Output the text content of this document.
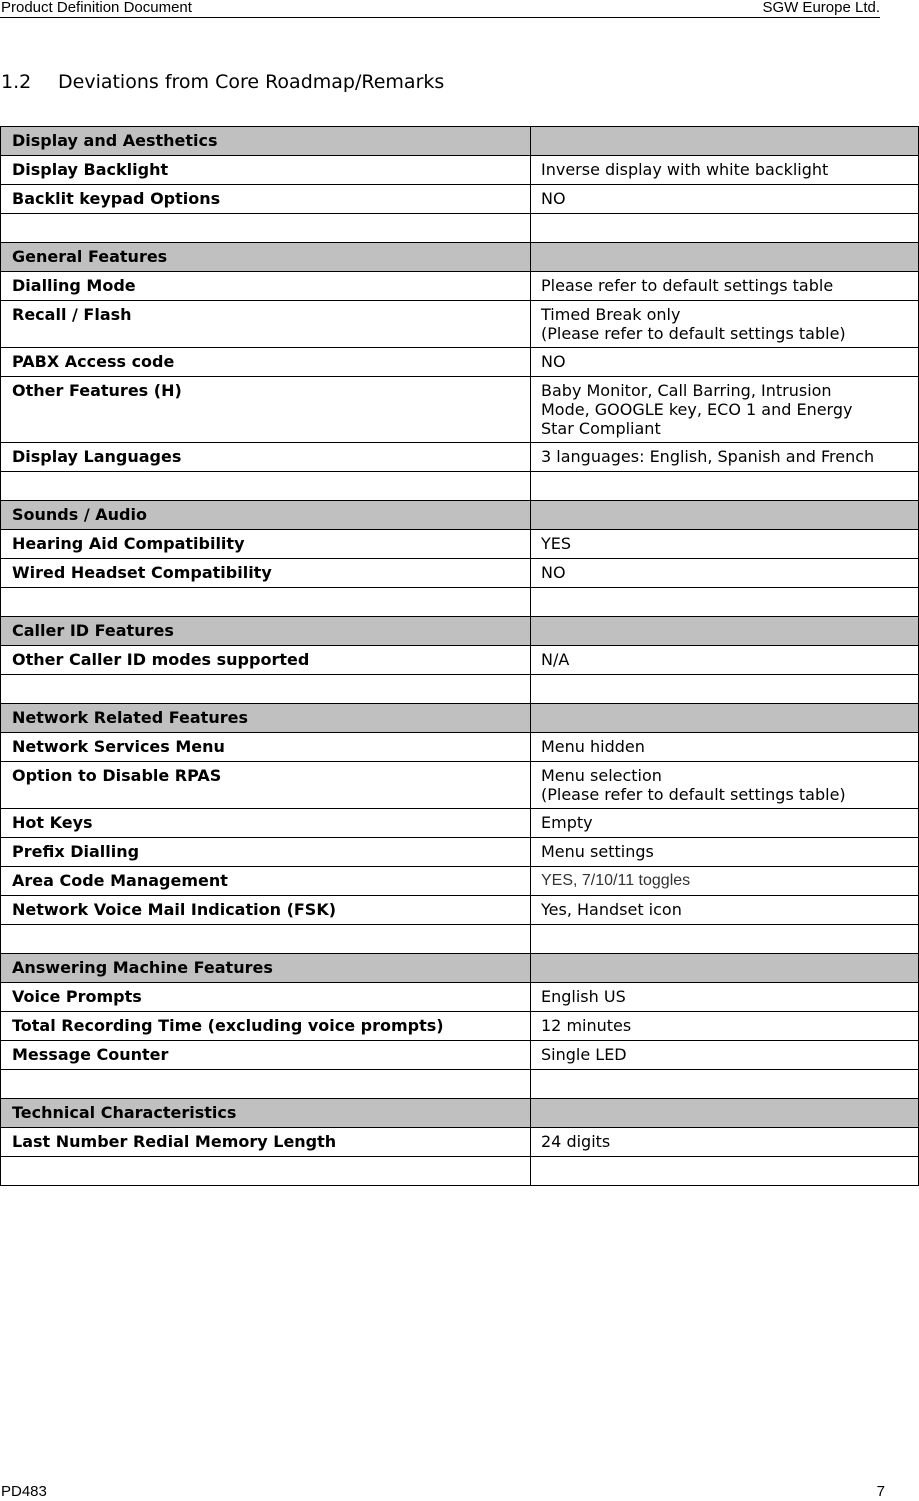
Product Definition Document	SGW Europe Ltd.
1.2 Deviations from Core Roadmap/Remarks
Display and Aesthetics	
Display Backlight	Inverse display with white backlight

Backlit keypad Options	NO

General Features	
Dialling Mode	Please refer to default settings table

Recall / Flash	Timed Break only
(Please refer to default settings table)

PABX Access code	NO

Other Features (H)	Baby Monitor, Call Barring, Intrusion
Mode, GOOGLE key, ECO 1 and Energy
Star Compliant

Display Languages	3 languages: English, Spanish and French

Sounds / Audio	
Hearing Aid Compatibility	YES

Wired Headset Compatibility	NO

Caller ID Features	
Other Caller ID modes supported	N/A

Network Related Features	
Network Services Menu	Menu hidden

Option to Disable RPAS	Menu selection
(Please refer to default settings table)

Hot Keys	Empty

Prefix Dialling	Menu settings

Area Code Management	YES, 7/10/11 toggles

Network Voice Mail Indication (FSK)	Yes, Handset icon

Answering Machine Features	
Voice Prompts	English US

Total Recording Time (excluding voice prompts)	12 minutes

Message Counter	Single LED

Technical Characteristics	
Last Number Redial Memory Length	24 digits

PD483	7
